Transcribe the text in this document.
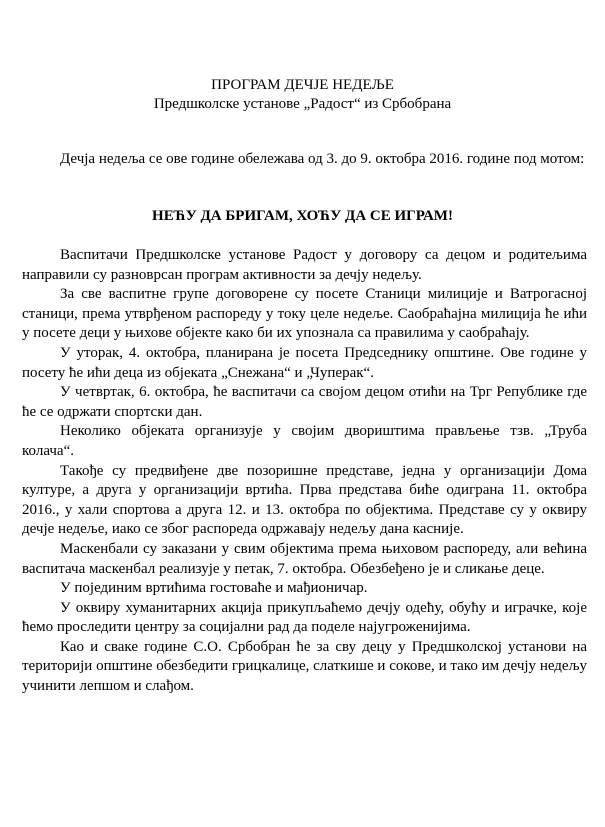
ПРОГРАМ ДЕЧЈЕ НЕДЕЉЕ
Предшколске установе „Радост“ из Србобрана
Дечја недеља се ове године обележава од 3. до 9. октобра 2016. године под мотом:
НЕЋУ ДА БРИГАМ, ХОЋУ ДА СЕ ИГРАМ!

Васпитачи Предшколске установе Радост у договору са децом и родитељима направили су разноврсан програм активности за дечју недељу.

За све васпитне групе договорене су посете Станици милиције и Ватрогасној станици, према утврђеном распореду у току целе недеље. Саобраћајна милиција ће ићи у посете деци у њихове објекте како би их упознала са правилима у саобраћају.

У уторак, 4. октобра, планирана је посета Председнику општине. Ове године у посету ће ићи деца из објеката „Снежана“ и „Чуперак“.

У четвртак, 6. октобра, ће васпитачи са својом децом отићи на Трг Републике где ће се одржати спортски дан.

Неколико објеката организује у својим двориштима прављење тзв. „Труба колача“.

Такође су предвиђене две позоришне представе, једна у организацији Дома културе, а друга у организацији вртића. Прва представа биће одиграна 11. октобра 2016., у хали спортова а друга 12. и 13. октобра по објектима. Представе су у оквиру дечје недеље, иако се због распореда одржавају недељу дана касније.

Маскенбали су заказани у свим објектима према њиховом распореду, али већина васпитача маскенбал реализује у петак, 7. октобра. Обезбеђено је и сликање деце.

У појединим вртићима гостоваће и мађионичар.

У оквиру хуманитарних акција прикупљаћемо дечју одећу, обућу и играчке, које ћемо проследити центру за социјални рад да поделе најугроженијима.

Као и сваке године С.О. Србобран ће за сву децу у Предшколској установи на територији општине обезбедити грицкалице, слаткише и сокове, и тако им дечју недељу учинити лепшом и слађом.
